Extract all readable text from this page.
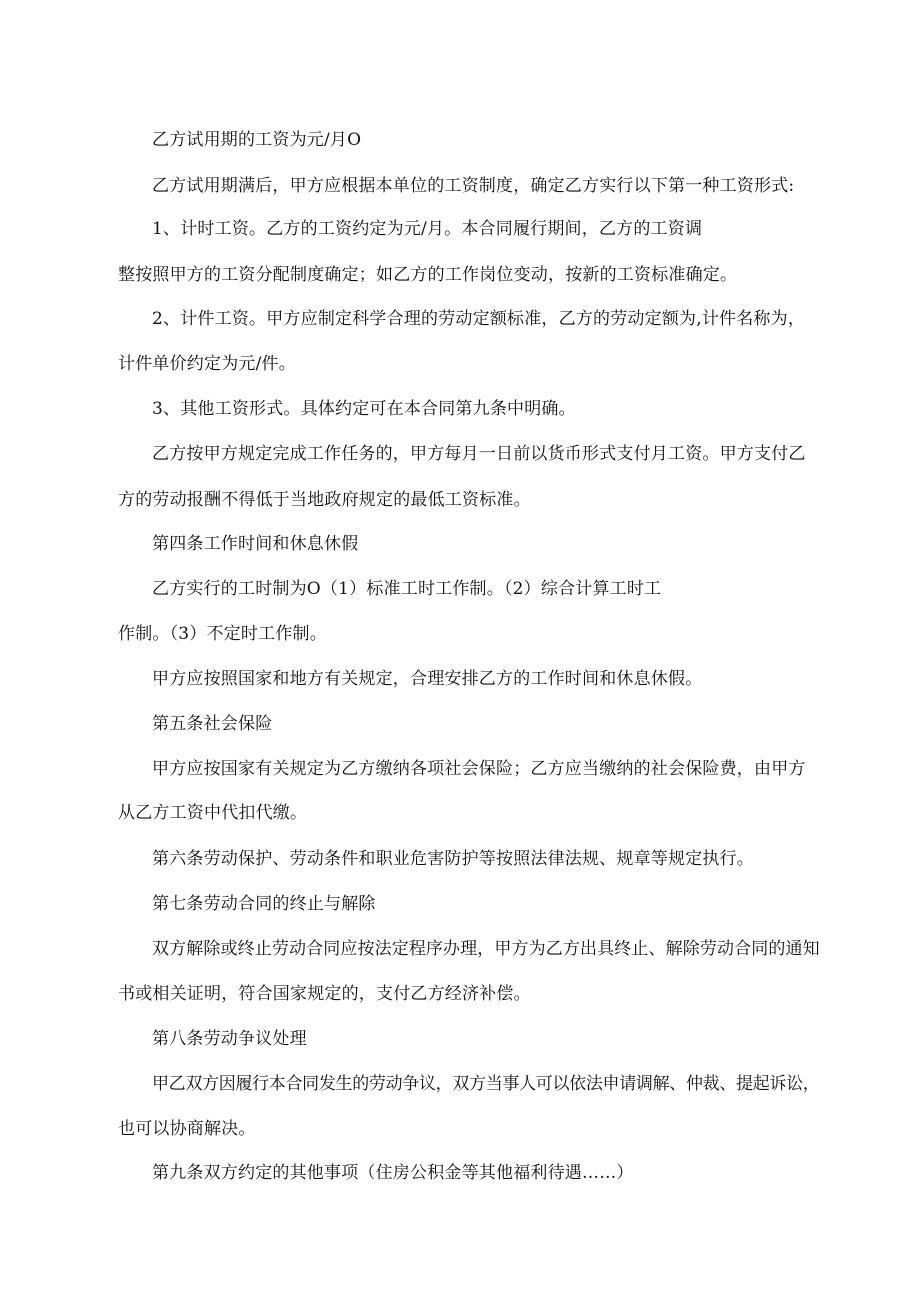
乙方试用期的工资为元/月O
乙方试用期满后，甲方应根据本单位的工资制度，确定乙方实行以下第一种工资形式:
1、计时工资。乙方的工资约定为元/月。本合同履行期间，乙方的工资调
整按照甲方的工资分配制度确定；如乙方的工作岗位变动，按新的工资标准确定。
2、计件工资。甲方应制定科学合理的劳动定额标准，乙方的劳动定额为,计件名称为，
计件单价约定为元/件。
3、其他工资形式。具体约定可在本合同第九条中明确。
乙方按甲方规定完成工作任务的，甲方每月一日前以货币形式支付月工资。甲方支付乙
方的劳动报酬不得低于当地政府规定的最低工资标准。
第四条工作时间和休息休假
乙方实行的工时制为O（1）标准工时工作制。（2）综合计算工时工
作制。（3）不定时工作制。
甲方应按照国家和地方有关规定，合理安排乙方的工作时间和休息休假。
第五条社会保险
甲方应按国家有关规定为乙方缴纳各项社会保险；乙方应当缴纳的社会保险费，由甲方
从乙方工资中代扣代缴。
第六条劳动保护、劳动条件和职业危害防护等按照法律法规、规章等规定执行。
第七条劳动合同的终止与解除
双方解除或终止劳动合同应按法定程序办理，甲方为乙方出具终止、解除劳动合同的通知
书或相关证明，符合国家规定的，支付乙方经济补偿。
第八条劳动争议处理
甲乙双方因履行本合同发生的劳动争议，双方当事人可以依法申请调解、仲裁、提起诉讼，
也可以协商解决。
第九条双方约定的其他事项（住房公积金等其他福利待遇……）
